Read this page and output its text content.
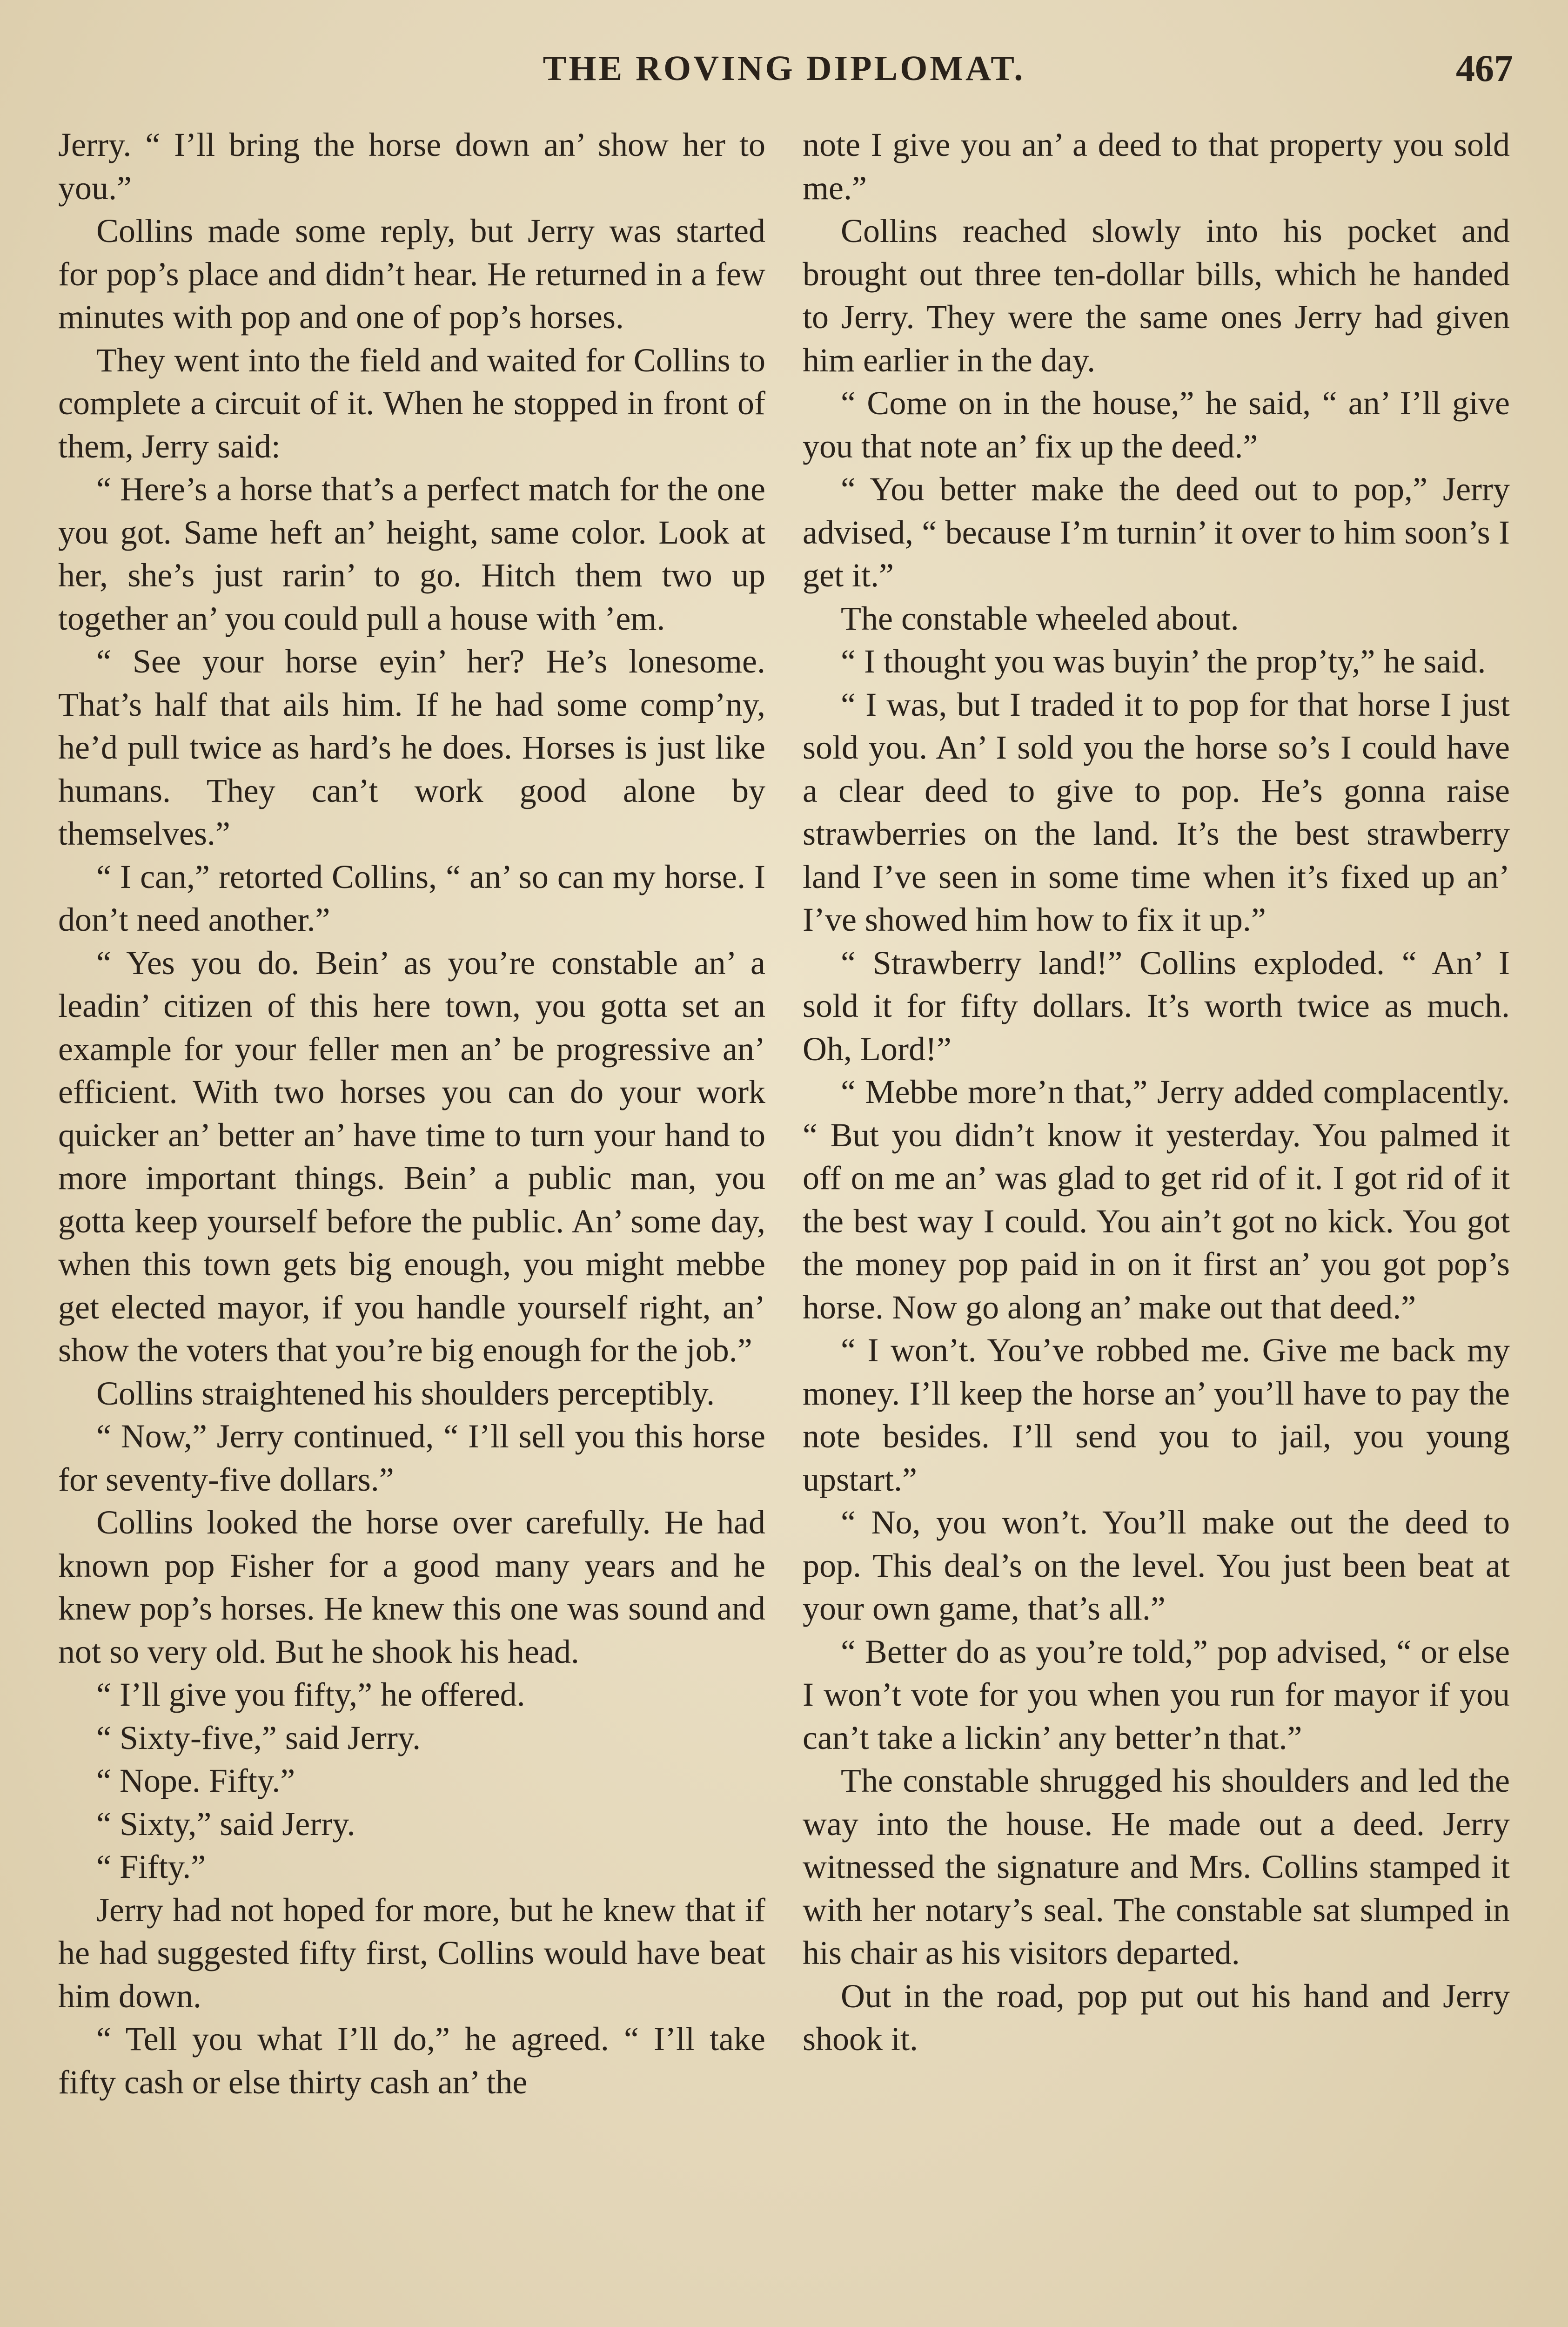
THE ROVING DIPLOMAT.	467

Jerry. “ I’ll bring the horse down an’ show her to you.”

Collins made some reply, but Jerry was started for pop’s place and didn’t hear. He returned in a few minutes with pop and one of pop’s horses.

They went into the field and waited for Collins to complete a circuit of it. When he stopped in front of them, Jerry said:

“ Here’s a horse that’s a perfect match for the one you got. Same heft an’ height, same color. Look at her, she’s just rarin’ to go. Hitch them two up together an’ you could pull a house with ’em.

“ See your horse eyin’ her? He’s lonesome. That’s half that ails him. If he had some comp’ny, he’d pull twice as hard’s he does. Horses is just like humans. They can’t work good alone by themselves.”

“ I can,” retorted Collins, “ an’ so can my horse. I don’t need another.”

“ Yes you do. Bein’ as you’re constable an’ a leadin’ citizen of this here town, you gotta set an example for your feller men an’ be progressive an’ efficient. With two horses you can do your work quicker an’ better an’ have time to turn your hand to more important things. Bein’ a public man, you gotta keep yourself before the public. An’ some day, when this town gets big enough, you might mebbe get elected mayor, if you handle yourself right, an’ show the voters that you’re big enough for the job.”

Collins straightened his shoulders perceptibly.

“ Now,” Jerry continued, “ I’ll sell you this horse for seventy-five dollars.”

Collins looked the horse over carefully. He had known pop Fisher for a good many years and he knew pop’s horses. He knew this one was sound and not so very old. But he shook his head.

“ I’ll give you fifty,” he offered.

“ Sixty-five,” said Jerry.

“ Nope. Fifty.”

“ Sixty,” said Jerry.

“ Fifty.”

Jerry had not hoped for more, but he knew that if he had suggested fifty first, Collins would have beat him down.

“ Tell you what I’ll do,” he agreed. “ I’ll take fifty cash or else thirty cash an’ the

note I give you an’ a deed to that property you sold me.”

Collins reached slowly into his pocket and brought out three ten-dollar bills, which he handed to Jerry. They were the same ones Jerry had given him earlier in the day.

“ Come on in the house,” he said, “ an’ I’ll give you that note an’ fix up the deed.”

“ You better make the deed out to pop,” Jerry advised, “ because I’m turnin’ it over to him soon’s I get it.”

The constable wheeled about.

“ I thought you was buyin’ the prop’ty,” he said.

“ I was, but I traded it to pop for that horse I just sold you. An’ I sold you the horse so’s I could have a clear deed to give to pop. He’s gonna raise strawberries on the land. It’s the best strawberry land I’ve seen in some time when it’s fixed up an’ I’ve showed him how to fix it up.”

“ Strawberry land!” Collins exploded. “ An’ I sold it for fifty dollars. It’s worth twice as much. Oh, Lord!”

“ Mebbe more’n that,” Jerry added complacently. “ But you didn’t know it yesterday. You palmed it off on me an’ was glad to get rid of it. I got rid of it the best way I could. You ain’t got no kick. You got the money pop paid in on it first an’ you got pop’s horse. Now go along an’ make out that deed.”

“ I won’t. You’ve robbed me. Give me back my money. I’ll keep the horse an’ you’ll have to pay the note besides. I’ll send you to jail, you young upstart.”

“ No, you won’t. You’ll make out the deed to pop. This deal’s on the level. You just been beat at your own game, that’s all.”

“ Better do as you’re told,” pop advised, “ or else I won’t vote for you when you run for mayor if you can’t take a lickin’ any better’n that.”

The constable shrugged his shoulders and led the way into the house. He made out a deed. Jerry witnessed the signature and Mrs. Collins stamped it with her notary’s seal. The constable sat slumped in his chair as his visitors departed.

Out in the road, pop put out his hand and Jerry shook it.
